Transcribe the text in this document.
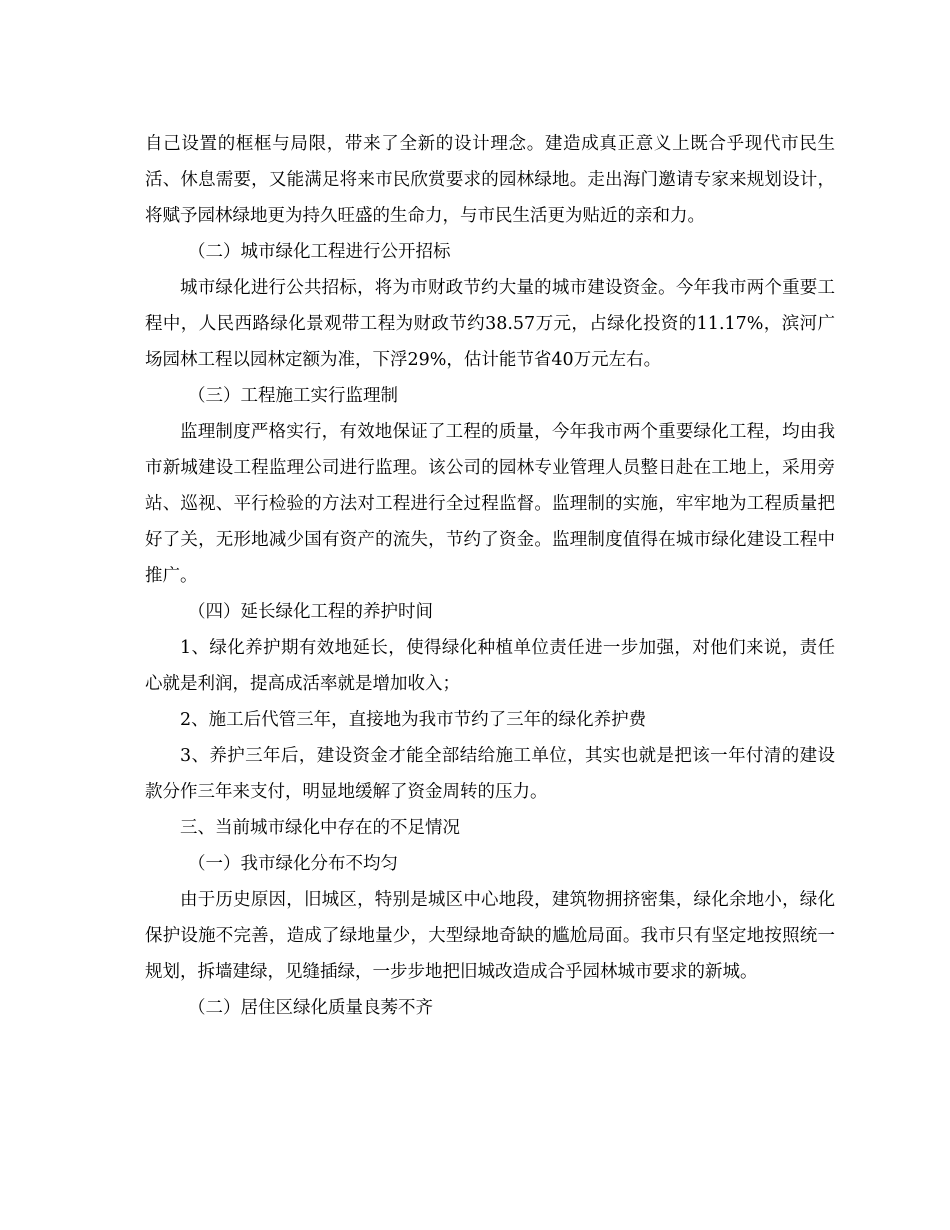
自己设置的框框与局限，带来了全新的设计理念。建造成真正意义上既合乎现代市民生活、休息需要，又能满足将来市民欣赏要求的园林绿地。走出海门邀请专家来规划设计，将赋予园林绿地更为持久旺盛的生命力，与市民生活更为贴近的亲和力。

（二）城市绿化工程进行公开招标

城市绿化进行公共招标，将为市财政节约大量的城市建设资金。今年我市两个重要工程中，人民西路绿化景观带工程为财政节约38.57万元，占绿化投资的11.17%，滨河广场园林工程以园林定额为准，下浮29%，估计能节省40万元左右。

（三）工程施工实行监理制

监理制度严格实行，有效地保证了工程的质量，今年我市两个重要绿化工程，均由我市新城建设工程监理公司进行监理。该公司的园林专业管理人员整日赴在工地上，采用旁站、巡视、平行检验的方法对工程进行全过程监督。监理制的实施，牢牢地为工程质量把好了关，无形地减少国有资产的流失，节约了资金。监理制度值得在城市绿化建设工程中推广。

（四）延长绿化工程的养护时间

1、绿化养护期有效地延长，使得绿化种植单位责任进一步加强，对他们来说，责任心就是利润，提高成活率就是增加收入；

2、施工后代管三年，直接地为我市节约了三年的绿化养护费

3、养护三年后，建设资金才能全部结给施工单位，其实也就是把该一年付清的建设款分作三年来支付，明显地缓解了资金周转的压力。

三、当前城市绿化中存在的不足情况

（一）我市绿化分布不均匀

由于历史原因，旧城区，特别是城区中心地段，建筑物拥挤密集，绿化余地小，绿化保护设施不完善，造成了绿地量少，大型绿地奇缺的尴尬局面。我市只有坚定地按照统一规划，拆墙建绿，见缝插绿，一步步地把旧城改造成合乎园林城市要求的新城。

（二）居住区绿化质量良莠不齐
